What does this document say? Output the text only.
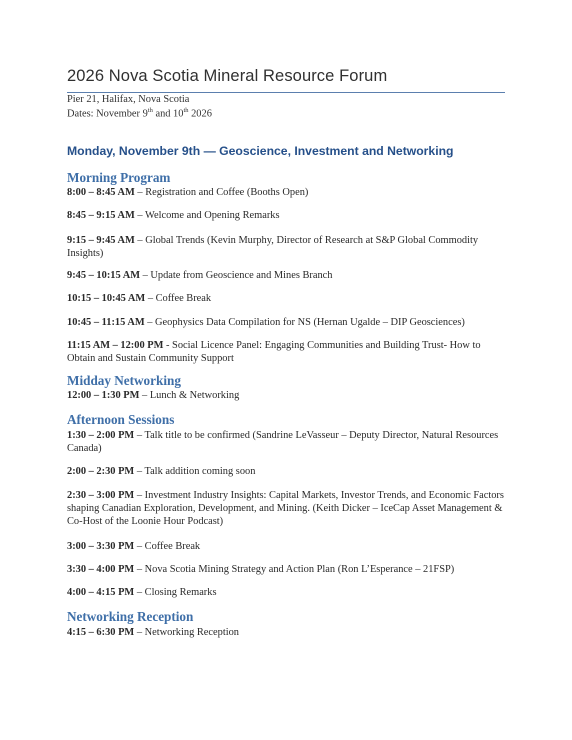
2026 Nova Scotia Mineral Resource Forum
Pier 21, Halifax, Nova Scotia
Dates: November 9th and 10th 2026
Monday, November 9th — Geoscience, Investment and Networking
Morning Program
8:00 – 8:45 AM – Registration and Coffee (Booths Open)
8:45 – 9:15 AM – Welcome and Opening Remarks
9:15 – 9:45 AM – Global Trends (Kevin Murphy, Director of Research at S&P Global Commodity Insights)
9:45 – 10:15 AM – Update from Geoscience and Mines Branch
10:15 – 10:45 AM – Coffee Break
10:45 – 11:15 AM – Geophysics Data Compilation for NS (Hernan Ugalde – DIP Geosciences)
11:15 AM – 12:00 PM - Social Licence Panel: Engaging Communities and Building Trust- How to Obtain and Sustain Community Support
Midday Networking
12:00 – 1:30 PM – Lunch & Networking
Afternoon Sessions
1:30 – 2:00 PM – Talk title to be confirmed (Sandrine LeVasseur – Deputy Director, Natural Resources Canada)
2:00 – 2:30 PM – Talk addition coming soon
2:30 – 3:00 PM – Investment Industry Insights: Capital Markets, Investor Trends, and Economic Factors shaping Canadian Exploration, Development, and Mining. (Keith Dicker – IceCap Asset Management & Co-Host of the Loonie Hour Podcast)
3:00 – 3:30 PM – Coffee Break
3:30 – 4:00 PM – Nova Scotia Mining Strategy and Action Plan (Ron L’Esperance – 21FSP)
4:00 – 4:15 PM – Closing Remarks
Networking Reception
4:15 – 6:30 PM – Networking Reception
